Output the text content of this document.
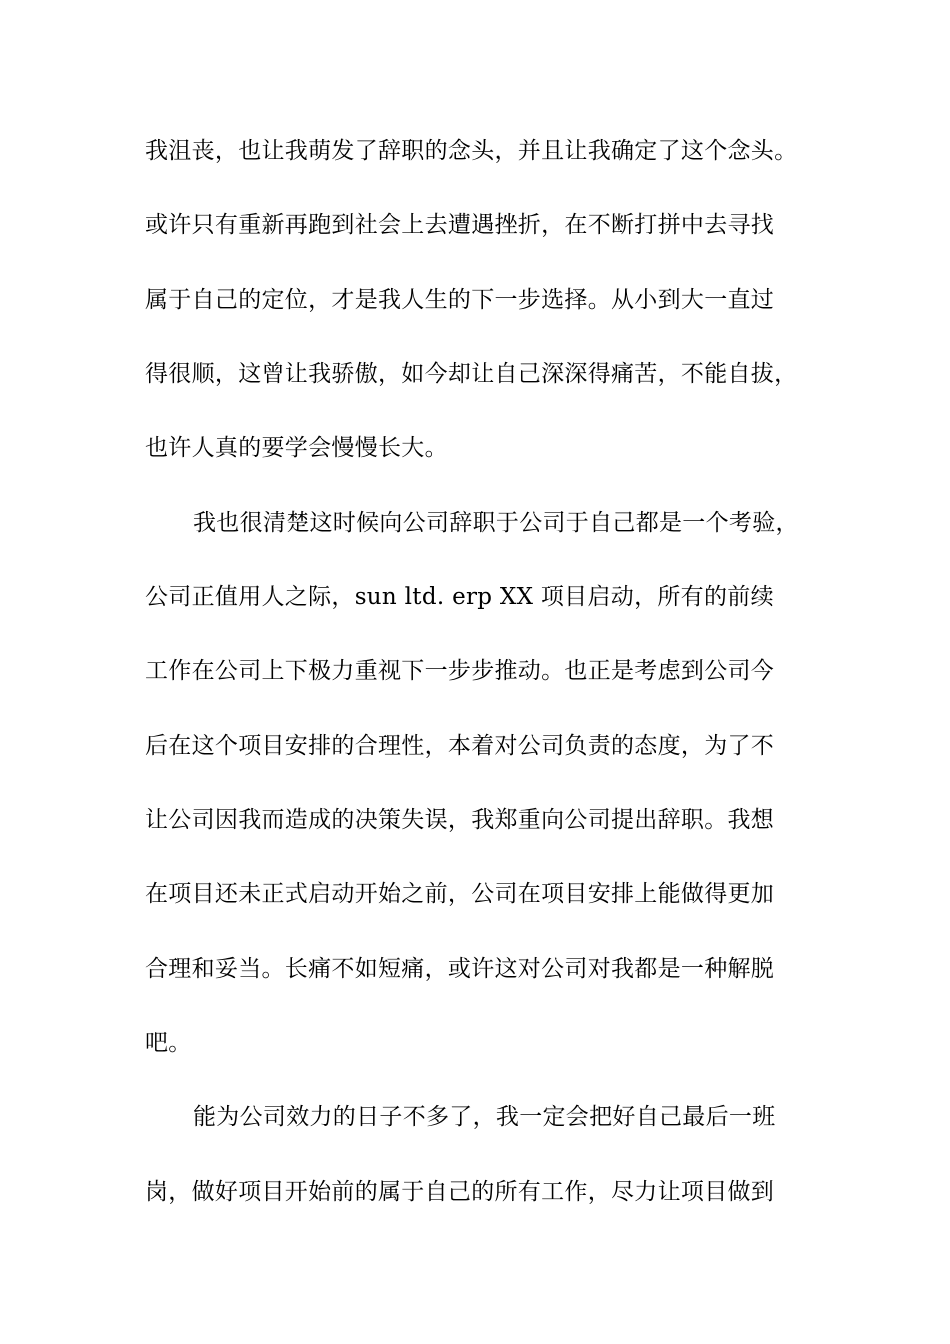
我沮丧，也让我萌发了辞职的念头，并且让我确定了这个念头。
或许只有重新再跑到社会上去遭遇挫折，在不断打拼中去寻找
属于自己的定位，才是我人生的下一步选择。从小到大一直过
得很顺，这曾让我骄傲，如今却让自己深深得痛苦，不能自拔，
也许人真的要学会慢慢长大。
我也很清楚这时候向公司辞职于公司于自己都是一个考验，
公司正值用人之际，sun ltd. erp XX 项目启动，所有的前续
工作在公司上下极力重视下一步步推动。也正是考虑到公司今
后在这个项目安排的合理性，本着对公司负责的态度，为了不
让公司因我而造成的决策失误，我郑重向公司提出辞职。我想
在项目还未正式启动开始之前，公司在项目安排上能做得更加
合理和妥当。长痛不如短痛，或许这对公司对我都是一种解脱
吧。
能为公司效力的日子不多了，我一定会把好自己最后一班
岗，做好项目开始前的属于自己的所有工作，尽力让项目做到
